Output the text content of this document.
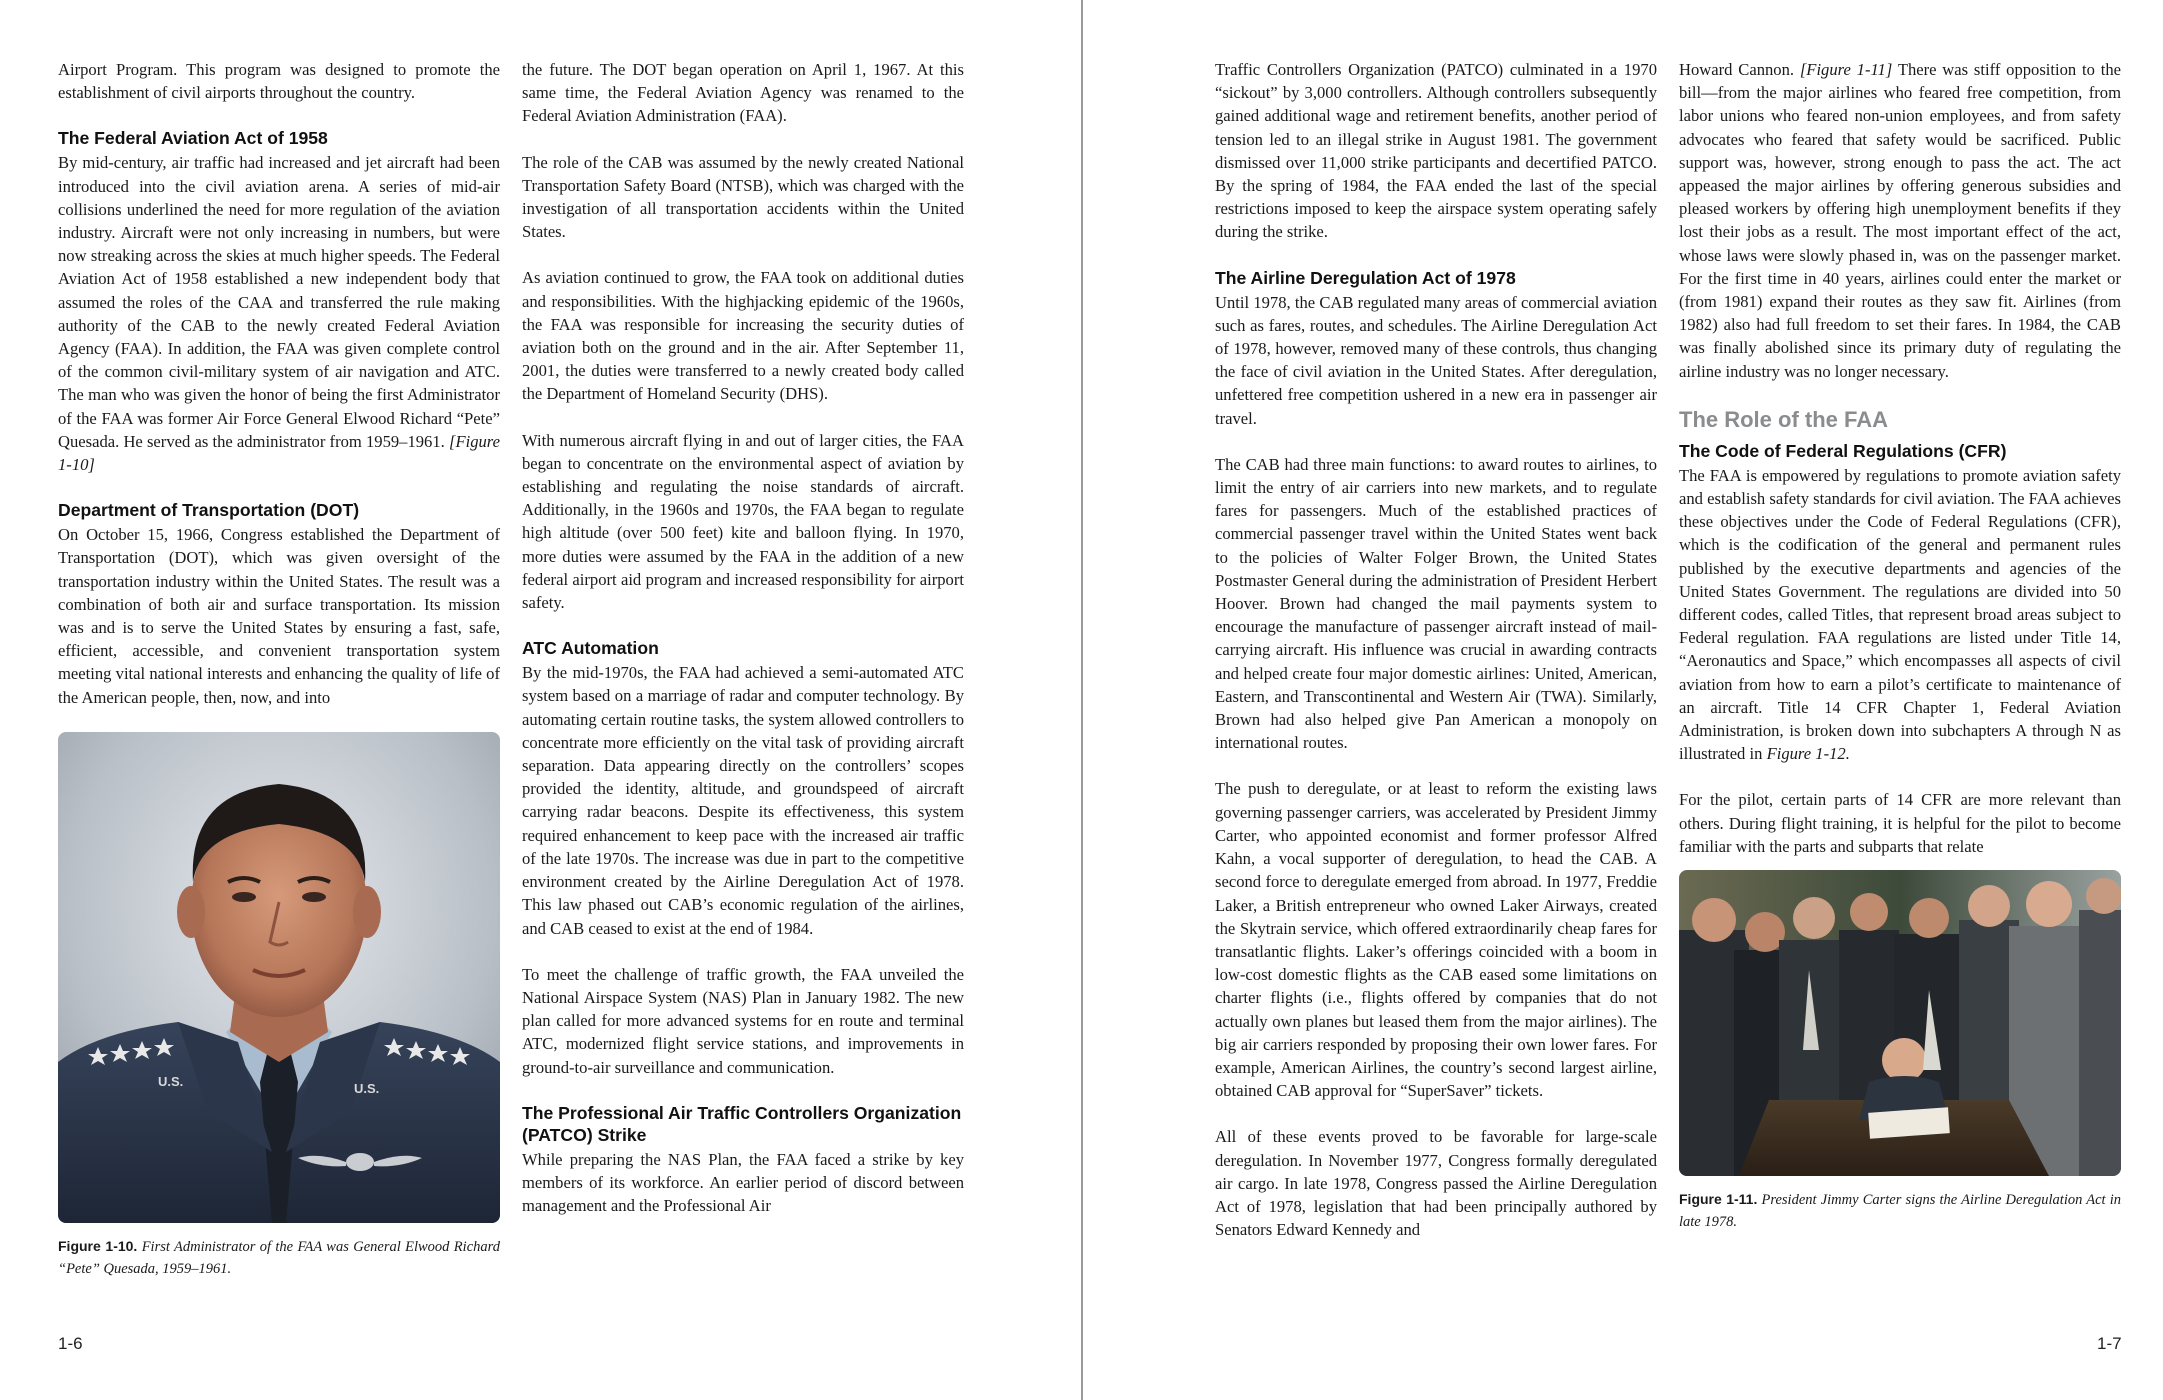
Airport Program. This program was designed to promote the establishment of civil airports throughout the country.

The Federal Aviation Act of 1958

By mid-century, air traffic had increased and jet aircraft had been introduced into the civil aviation arena. A series of mid-air collisions underlined the need for more regulation of the aviation industry. Aircraft were not only increasing in numbers, but were now streaking across the skies at much higher speeds. The Federal Aviation Act of 1958 established a new independent body that assumed the roles of the CAA and transferred the rule making authority of the CAB to the newly created Federal Aviation Agency (FAA). In addition, the FAA was given complete control of the common civil-military system of air navigation and ATC. The man who was given the honor of being the first Administrator of the FAA was former Air Force General Elwood Richard “Pete” Quesada. He served as the administrator from 1959–1961. [Figure 1-10]

Department of Transportation (DOT)

On October 15, 1966, Congress established the Department of Transportation (DOT), which was given oversight of the transportation industry within the United States. The result was a combination of both air and surface transportation. Its mission was and is to serve the United States by ensuring a fast, safe, efficient, accessible, and convenient transportation system meeting vital national interests and enhancing the quality of life of the American people, then, now, and into

U.S.	U.S.

Figure 1-10. First Administrator of the FAA was General Elwood Richard “Pete” Quesada, 1959–1961.

the future. The DOT began operation on April 1, 1967. At this same time, the Federal Aviation Agency was renamed to the Federal Aviation Administration (FAA).

The role of the CAB was assumed by the newly created National Transportation Safety Board (NTSB), which was charged with the investigation of all transportation accidents within the United States.

As aviation continued to grow, the FAA took on additional duties and responsibilities. With the highjacking epidemic of the 1960s, the FAA was responsible for increasing the security duties of aviation both on the ground and in the air. After September 11, 2001, the duties were transferred to a newly created body called the Department of Homeland Security (DHS).

With numerous aircraft flying in and out of larger cities, the FAA began to concentrate on the environmental aspect of aviation by establishing and regulating the noise standards of aircraft. Additionally, in the 1960s and 1970s, the FAA began to regulate high altitude (over 500 feet) kite and balloon flying. In 1970, more duties were assumed by the FAA in the addition of a new federal airport aid program and increased responsibility for airport safety.

ATC Automation

By the mid-1970s, the FAA had achieved a semi-automated ATC system based on a marriage of radar and computer technology. By automating certain routine tasks, the system allowed controllers to concentrate more efficiently on the vital task of providing aircraft separation. Data appearing directly on the controllers’ scopes provided the identity, altitude, and groundspeed of aircraft carrying radar beacons. Despite its effectiveness, this system required enhancement to keep pace with the increased air traffic of the late 1970s. The increase was due in part to the competitive environment created by the Airline Deregulation Act of 1978. This law phased out CAB’s economic regulation of the airlines, and CAB ceased to exist at the end of 1984.

To meet the challenge of traffic growth, the FAA unveiled the National Airspace System (NAS) Plan in January 1982. The new plan called for more advanced systems for en route and terminal ATC, modernized flight service stations, and improvements in ground-to-air surveillance and communication.

The Professional Air Traffic Controllers Organization (PATCO) Strike

While preparing the NAS Plan, the FAA faced a strike by key members of its workforce. An earlier period of discord between management and the Professional Air

1-6

Traffic Controllers Organization (PATCO) culminated in a 1970 “sickout” by 3,000 controllers. Although controllers subsequently gained additional wage and retirement benefits, another period of tension led to an illegal strike in August 1981. The government dismissed over 11,000 strike participants and decertified PATCO. By the spring of 1984, the FAA ended the last of the special restrictions imposed to keep the airspace system operating safely during the strike.

The Airline Deregulation Act of 1978

Until 1978, the CAB regulated many areas of commercial aviation such as fares, routes, and schedules. The Airline Deregulation Act of 1978, however, removed many of these controls, thus changing the face of civil aviation in the United States. After deregulation, unfettered free competition ushered in a new era in passenger air travel.

The CAB had three main functions: to award routes to airlines, to limit the entry of air carriers into new markets, and to regulate fares for passengers. Much of the established practices of commercial passenger travel within the United States went back to the policies of Walter Folger Brown, the United States Postmaster General during the administration of President Herbert Hoover. Brown had changed the mail payments system to encourage the manufacture of passenger aircraft instead of mail-carrying aircraft. His influence was crucial in awarding contracts and helped create four major domestic airlines: United, American, Eastern, and Transcontinental and Western Air (TWA). Similarly, Brown had also helped give Pan American a monopoly on international routes.

The push to deregulate, or at least to reform the existing laws governing passenger carriers, was accelerated by President Jimmy Carter, who appointed economist and former professor Alfred Kahn, a vocal supporter of deregulation, to head the CAB. A second force to deregulate emerged from abroad. In 1977, Freddie Laker, a British entrepreneur who owned Laker Airways, created the Skytrain service, which offered extraordinarily cheap fares for transatlantic flights. Laker’s offerings coincided with a boom in low-cost domestic flights as the CAB eased some limitations on charter flights (i.e., flights offered by companies that do not actually own planes but leased them from the major airlines). The big air carriers responded by proposing their own lower fares. For example, American Airlines, the country’s second largest airline, obtained CAB approval for “SuperSaver” tickets.

All of these events proved to be favorable for large-scale deregulation. In November 1977, Congress formally deregulated air cargo. In late 1978, Congress passed the Airline Deregulation Act of 1978, legislation that had been principally authored by Senators Edward Kennedy and

Howard Cannon. [Figure 1-11] There was stiff opposition to the bill—from the major airlines who feared free competition, from labor unions who feared non-union employees, and from safety advocates who feared that safety would be sacrificed. Public support was, however, strong enough to pass the act. The act appeased the major airlines by offering generous subsidies and pleased workers by offering high unemployment benefits if they lost their jobs as a result. The most important effect of the act, whose laws were slowly phased in, was on the passenger market. For the first time in 40 years, airlines could enter the market or (from 1981) expand their routes as they saw fit. Airlines (from 1982) also had full freedom to set their fares. In 1984, the CAB was finally abolished since its primary duty of regulating the airline industry was no longer necessary.

The Role of the FAA
The Code of Federal Regulations (CFR)

The FAA is empowered by regulations to promote aviation safety and establish safety standards for civil aviation. The FAA achieves these objectives under the Code of Federal Regulations (CFR), which is the codification of the general and permanent rules published by the executive departments and agencies of the United States Government. The regulations are divided into 50 different codes, called Titles, that represent broad areas subject to Federal regulation. FAA regulations are listed under Title 14, “Aeronautics and Space,” which encompasses all aspects of civil aviation from how to earn a pilot’s certificate to maintenance of an aircraft. Title 14 CFR Chapter 1, Federal Aviation Administration, is broken down into subchapters A through N as illustrated in Figure 1-12.

For the pilot, certain parts of 14 CFR are more relevant than others. During flight training, it is helpful for the pilot to become familiar with the parts and subparts that relate

Figure 1-11. President Jimmy Carter signs the Airline Deregulation Act in late 1978.

1-7
